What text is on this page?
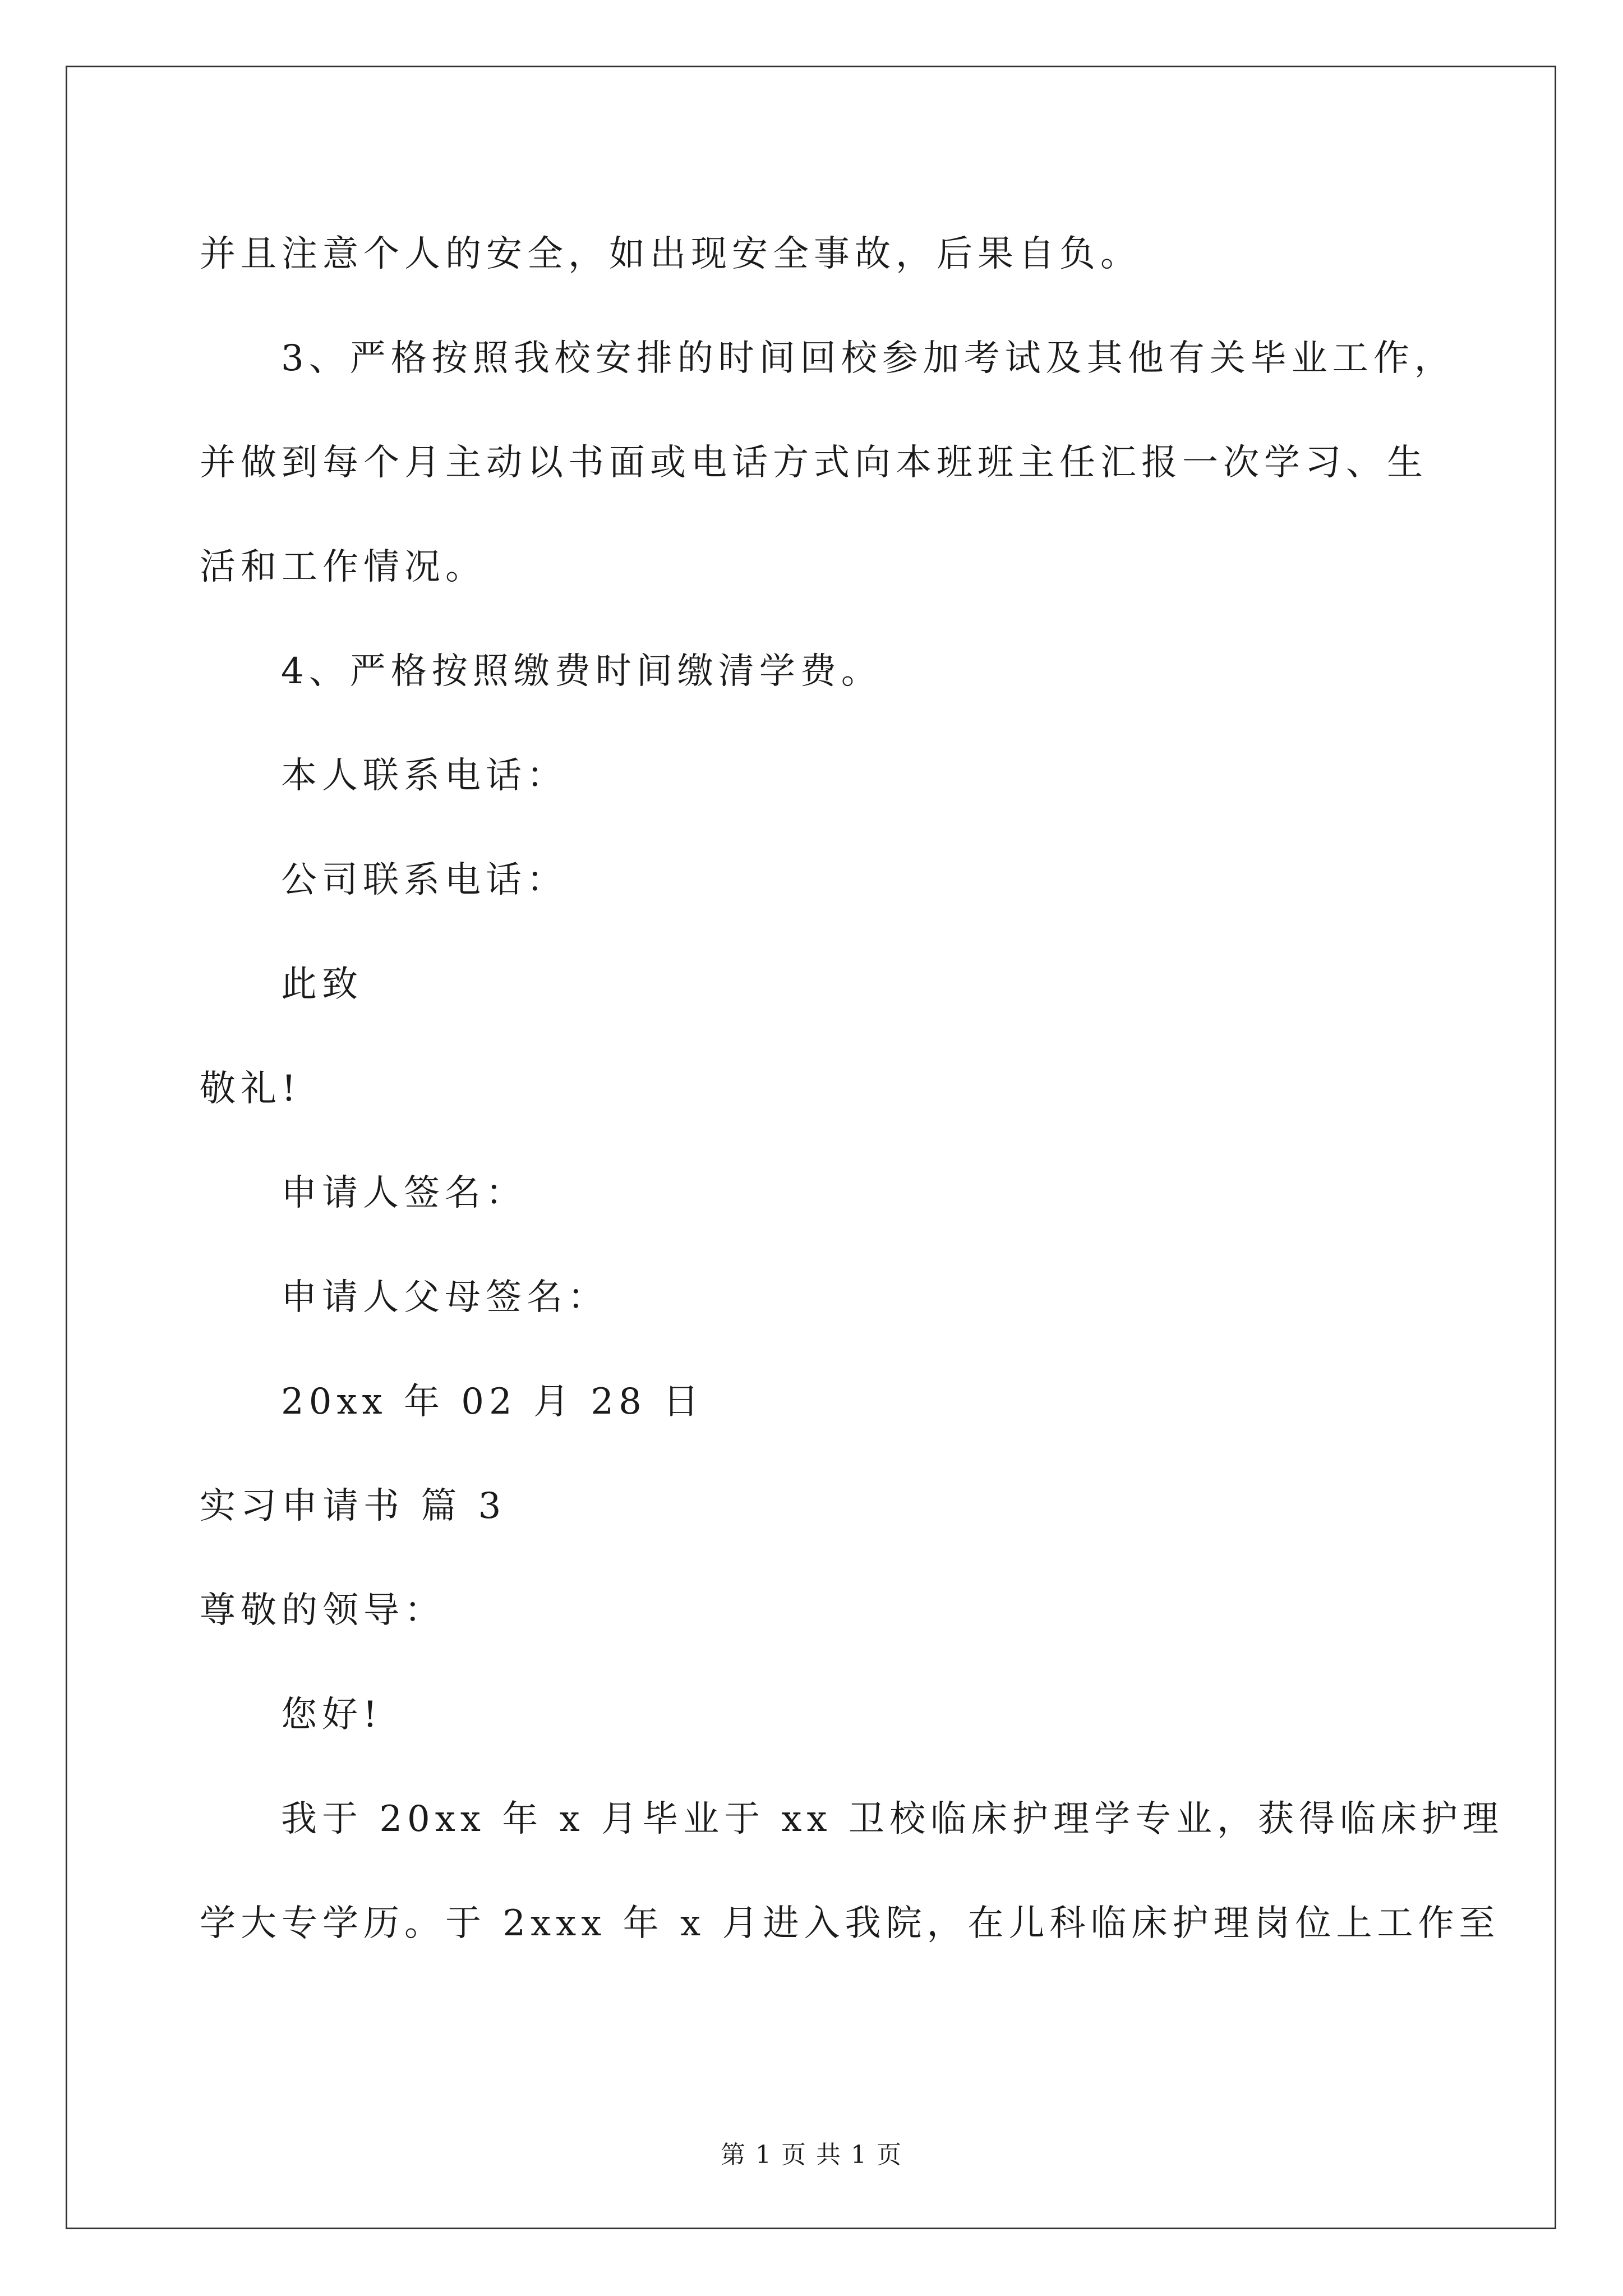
并且注意个人的安全，如出现安全事故，后果自负。
3、严格按照我校安排的时间回校参加考试及其他有关毕业工作，
并做到每个月主动以书面或电话方式向本班班主任汇报一次学习、生
活和工作情况。
4、严格按照缴费时间缴清学费。
本人联系电话：
公司联系电话：
此致
敬礼!
申请人签名：
申请人父母签名：
20xx 年 02 月 28 日
实习申请书 篇 3
尊敬的领导：
您好!
我于 20xx 年 x 月毕业于 xx 卫校临床护理学专业，获得临床护理
学大专学历。于 2xxx 年 x 月进入我院，在儿科临床护理岗位上工作至
第 1 页 共 1 页
